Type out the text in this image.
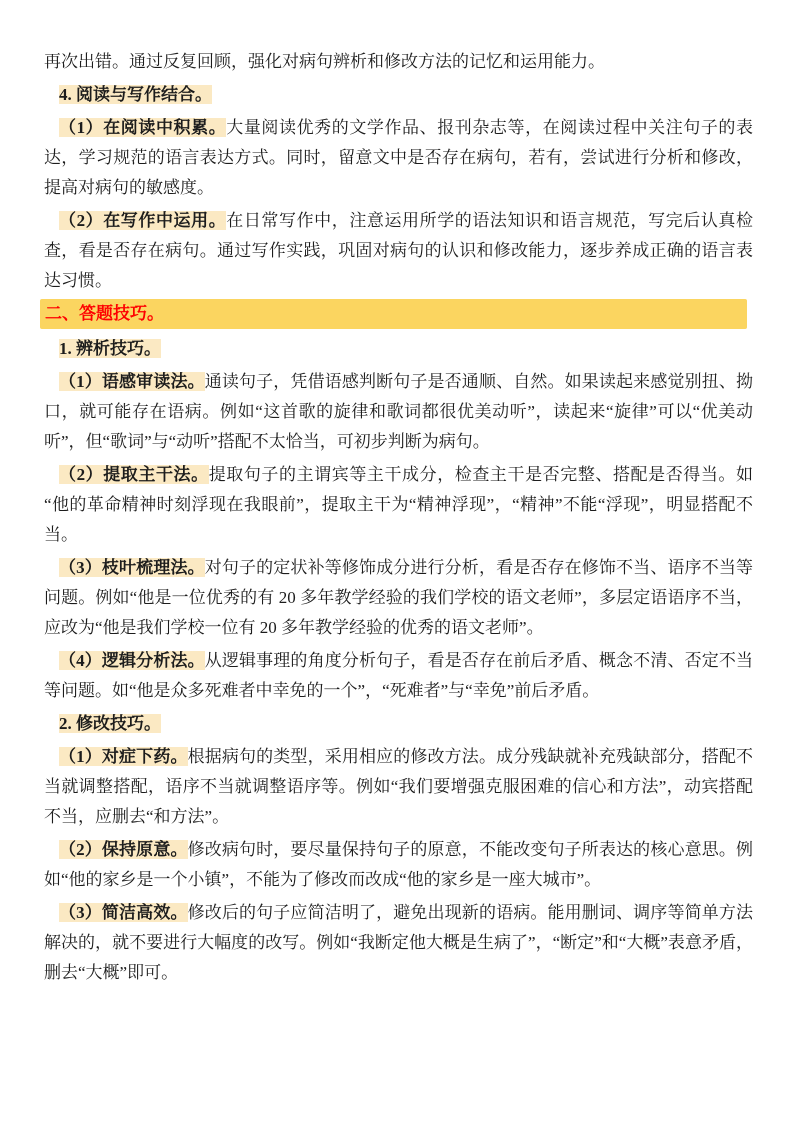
再次出错。通过反复回顾，强化对病句辨析和修改方法的记忆和运用能力。

4. 阅读与写作结合。

（1）在阅读中积累。大量阅读优秀的文学作品、报刊杂志等，在阅读过程中关注句子的表达，学习规范的语言表达方式。同时，留意文中是否存在病句，若有，尝试进行分析和修改，提高对病句的敏感度。

（2）在写作中运用。在日常写作中，注意运用所学的语法知识和语言规范，写完后认真检查，看是否存在病句。通过写作实践，巩固对病句的认识和修改能力，逐步养成正确的语言表达习惯。

二、答题技巧。

1. 辨析技巧。

（1）语感审读法。通读句子，凭借语感判断句子是否通顺、自然。如果读起来感觉别扭、拗口，就可能存在语病。例如“这首歌的旋律和歌词都很优美动听”，读起来“旋律”可以“优美动听”，但“歌词”与“动听”搭配不太恰当，可初步判断为病句。

（2）提取主干法。提取句子的主谓宾等主干成分，检查主干是否完整、搭配是否得当。如“他的革命精神时刻浮现在我眼前”，提取主干为“精神浮现”，“精神”不能“浮现”，明显搭配不当。

（3）枝叶梳理法。对句子的定状补等修饰成分进行分析，看是否存在修饰不当、语序不当等问题。例如“他是一位优秀的有 20 多年教学经验的我们学校的语文老师”，多层定语语序不当，应改为“他是我们学校一位有 20 多年教学经验的优秀的语文老师”。

（4）逻辑分析法。从逻辑事理的角度分析句子，看是否存在前后矛盾、概念不清、否定不当等问题。如“他是众多死难者中幸免的一个”，“死难者”与“幸免”前后矛盾。

2. 修改技巧。

（1）对症下药。根据病句的类型，采用相应的修改方法。成分残缺就补充残缺部分，搭配不当就调整搭配，语序不当就调整语序等。例如“我们要增强克服困难的信心和方法”，动宾搭配不当，应删去“和方法”。

（2）保持原意。修改病句时，要尽量保持句子的原意，不能改变句子所表达的核心意思。例如“他的家乡是一个小镇”，不能为了修改而改成“他的家乡是一座大城市”。

（3）简洁高效。修改后的句子应简洁明了，避免出现新的语病。能用删词、调序等简单方法解决的，就不要进行大幅度的改写。例如“我断定他大概是生病了”，“断定”和“大概”表意矛盾，删去“大概”即可。
